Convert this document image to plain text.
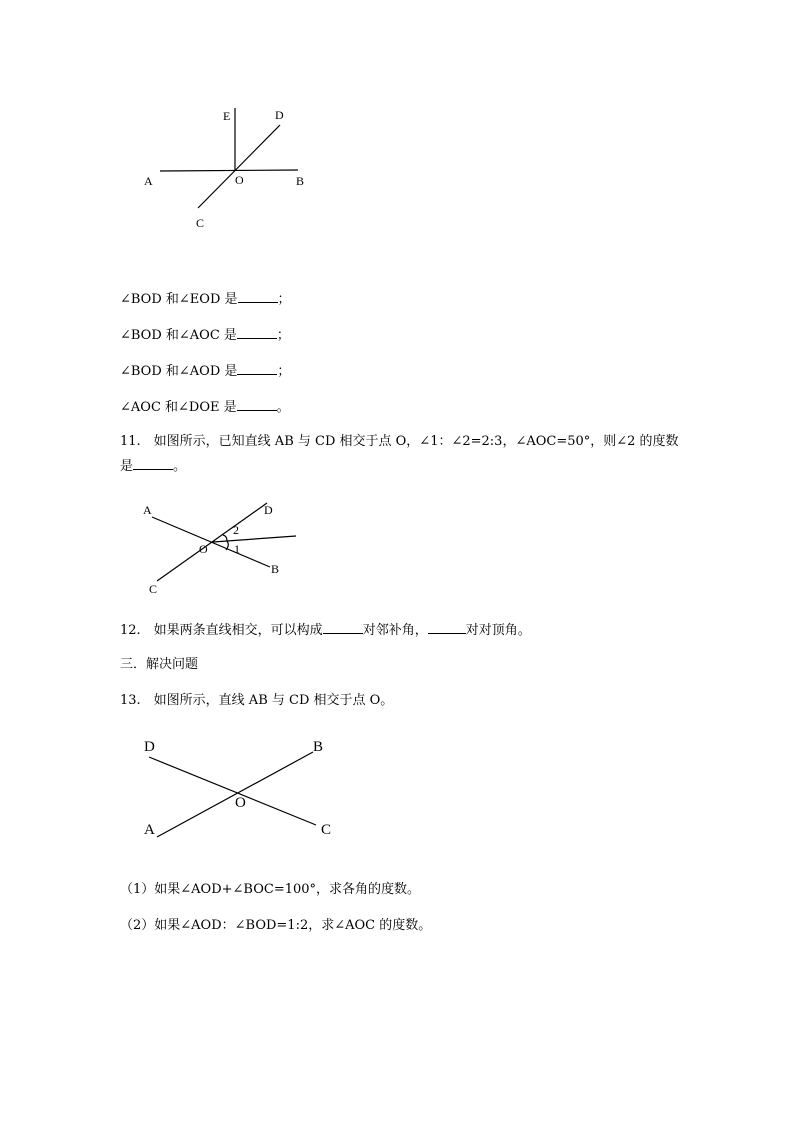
A	O	B
E	D
C
∠BOD 和∠EOD 是	；
∠BOD 和∠AOC 是	；
∠BOD 和∠AOD 是	；
∠AOC 和∠DOE 是	。
11.　如图所示，已知直线 AB 与 CD 相交于点 O，∠1：∠2=2:3，∠AOC=50°，则∠2 的度数
是	。
A	D
O
B
C
1
2
12.　如果两条直线相交，可以构成	对邻补角，	对对顶角。
三．解决问题
13.　如图所示，直线 AB 与 CD 相交于点 O。
D	B
O
A	C
（1）如果∠AOD+∠BOC=100°，求各角的度数。
（2）如果∠AOD：∠BOD=1:2，求∠AOC 的度数。
